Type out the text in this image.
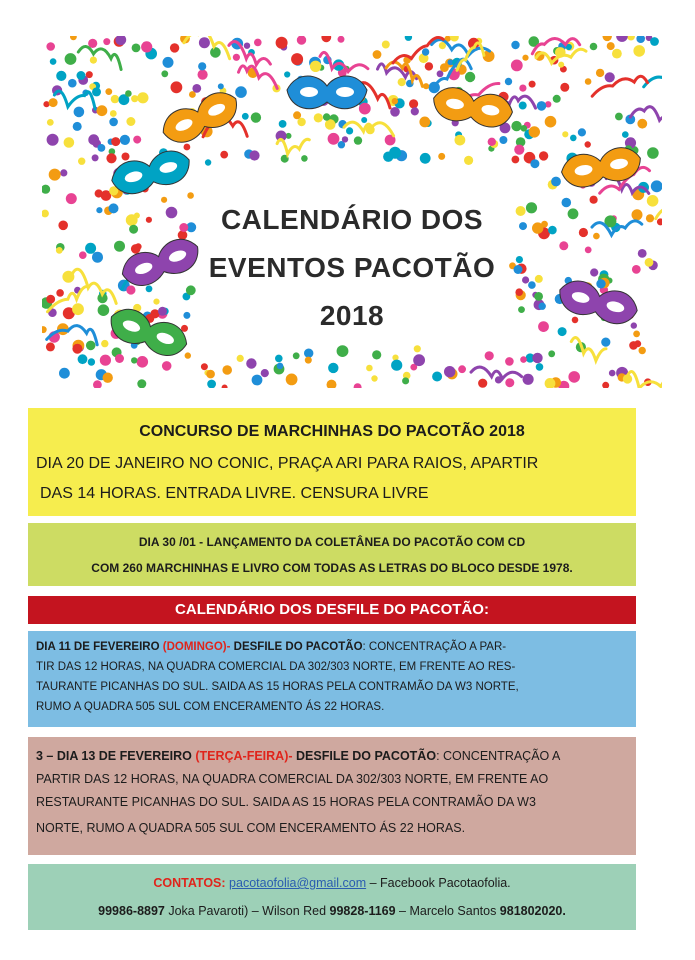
CALENDÁRIO DOS
EVENTOS PACOTÃO
2018
CONCURSO DE MARCHINHAS DO PACOTÃO 2018
DIA 20 DE JANEIRO NO CONIC, PRAÇA ARI PARA RAIOS, APARTIR
DAS 14 HORAS. ENTRADA LIVRE. CENSURA LIVRE
DIA 30 /01 - LANÇAMENTO DA COLETÂNEA DO PACOTÃO COM CD
COM 260 MARCHINHAS E LIVRO COM TODAS AS LETRAS DO BLOCO DESDE 1978.
CALENDÁRIO DOS DESFILE DO PACOTÃO:
DIA 11 DE FEVEREIRO (DOMINGO)- DESFILE DO PACOTÃO: CONCENTRAÇÃO A PAR-
TIR DAS 12 HORAS, NA QUADRA COMERCIAL DA 302/303 NORTE, EM FRENTE AO RES-
TAURANTE PICANHAS DO SUL. SAIDA AS 15 HORAS PELA CONTRAMÃO DA W3 NORTE,
RUMO A QUADRA 505 SUL COM ENCERAMENTO ÁS 22 HORAS.
3 – DIA 13 DE FEVEREIRO (TERÇA-FEIRA)- DESFILE DO PACOTÃO: CONCENTRAÇÃO A
PARTIR DAS 12 HORAS, NA QUADRA COMERCIAL DA 302/303 NORTE, EM FRENTE AO
RESTAURANTE PICANHAS DO SUL. SAIDA AS 15 HORAS PELA CONTRAMÃO DA W3
NORTE, RUMO A QUADRA 505 SUL COM ENCERAMENTO ÁS 22 HORAS.
CONTATOS: pacotaofolia@gmail.com – Facebook Pacotaofolia.
99986-8897 Joka Pavaroti) – Wilson Red 99828-1169 – Marcelo Santos 981802020.
